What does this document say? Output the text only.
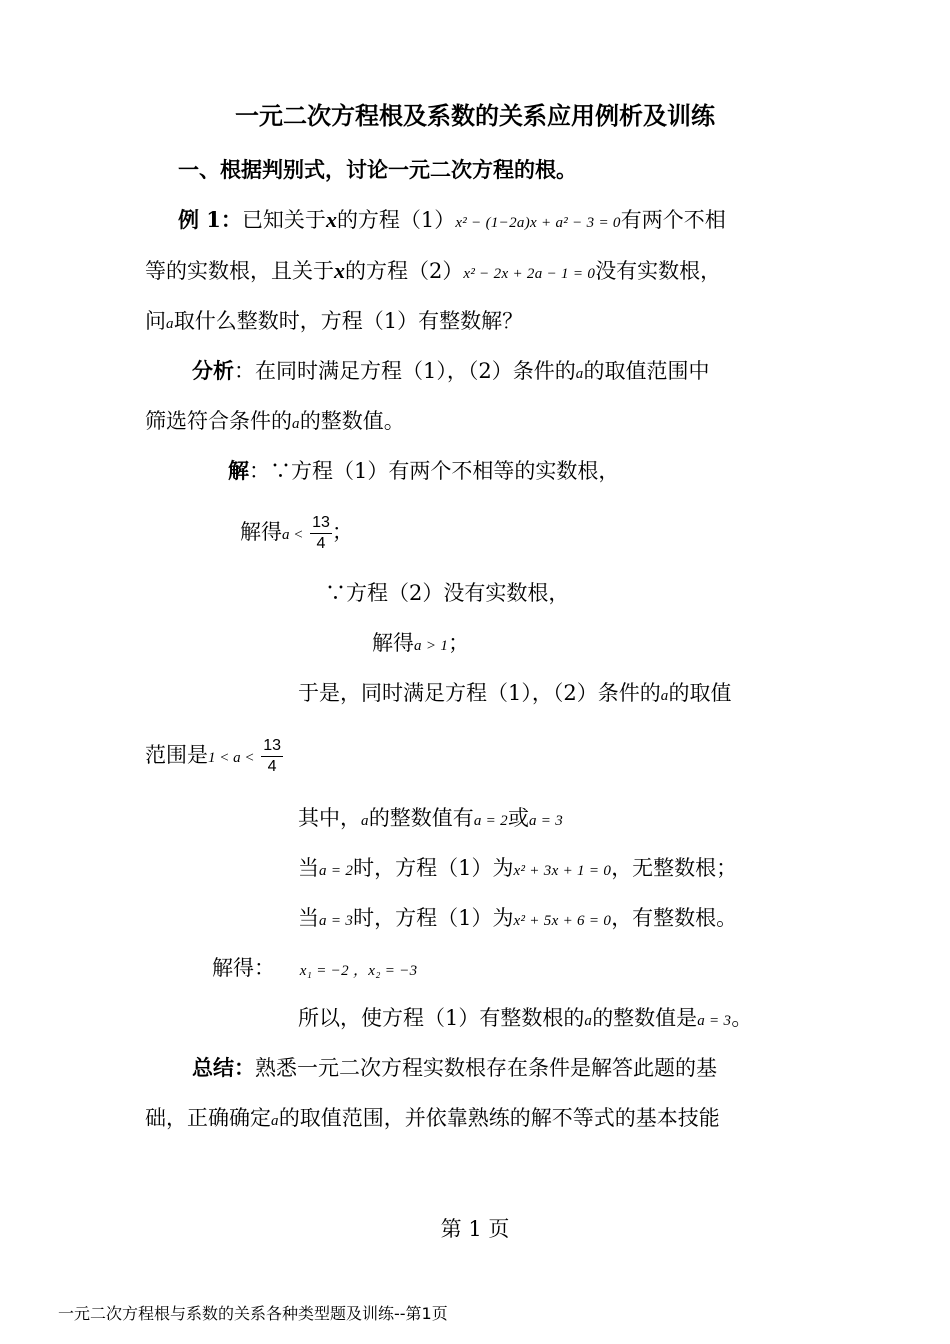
一元二次方程根及系数的关系应用例析及训练
一、根据判别式，讨论一元二次方程的根。
例 1：已知关于x的方程（1）x² − (1−2a)x + a² − 3 = 0有两个不相
等的实数根，且关于x的方程（2）x² − 2x + 2a − 1 = 0没有实数根，
问a取什么整数时，方程（1）有整数解？
分析：在同时满足方程（1），（2）条件的a的取值范围中
筛选符合条件的a的整数值。
解：∵方程（1）有两个不相等的实数根，
解得$a < \frac{13}{4}$ ；
∵方程（2）没有实数根，
解得a > 1；
于是，同时满足方程（1），（2）条件的a的取值
范围是$1 < a < \frac{13}{4}$
其中，a的整数值有a = 2或a = 3
当a = 2时，方程（1）为x² + 3x + 1 = 0，无整数根；
当a = 3时，方程（1）为x² + 5x + 6 = 0，有整数根。
解得： x₁ = −2 ，x₂ = −3
所以，使方程（1）有整数根的a的整数值是a = 3。
总结：熟悉一元二次方程实数根存在条件是解答此题的基
础，正确确定a的取值范围，并依靠熟练的解不等式的基本技能
第 1 页
一元二次方程根与系数的关系各种类型题及训练--第1页
